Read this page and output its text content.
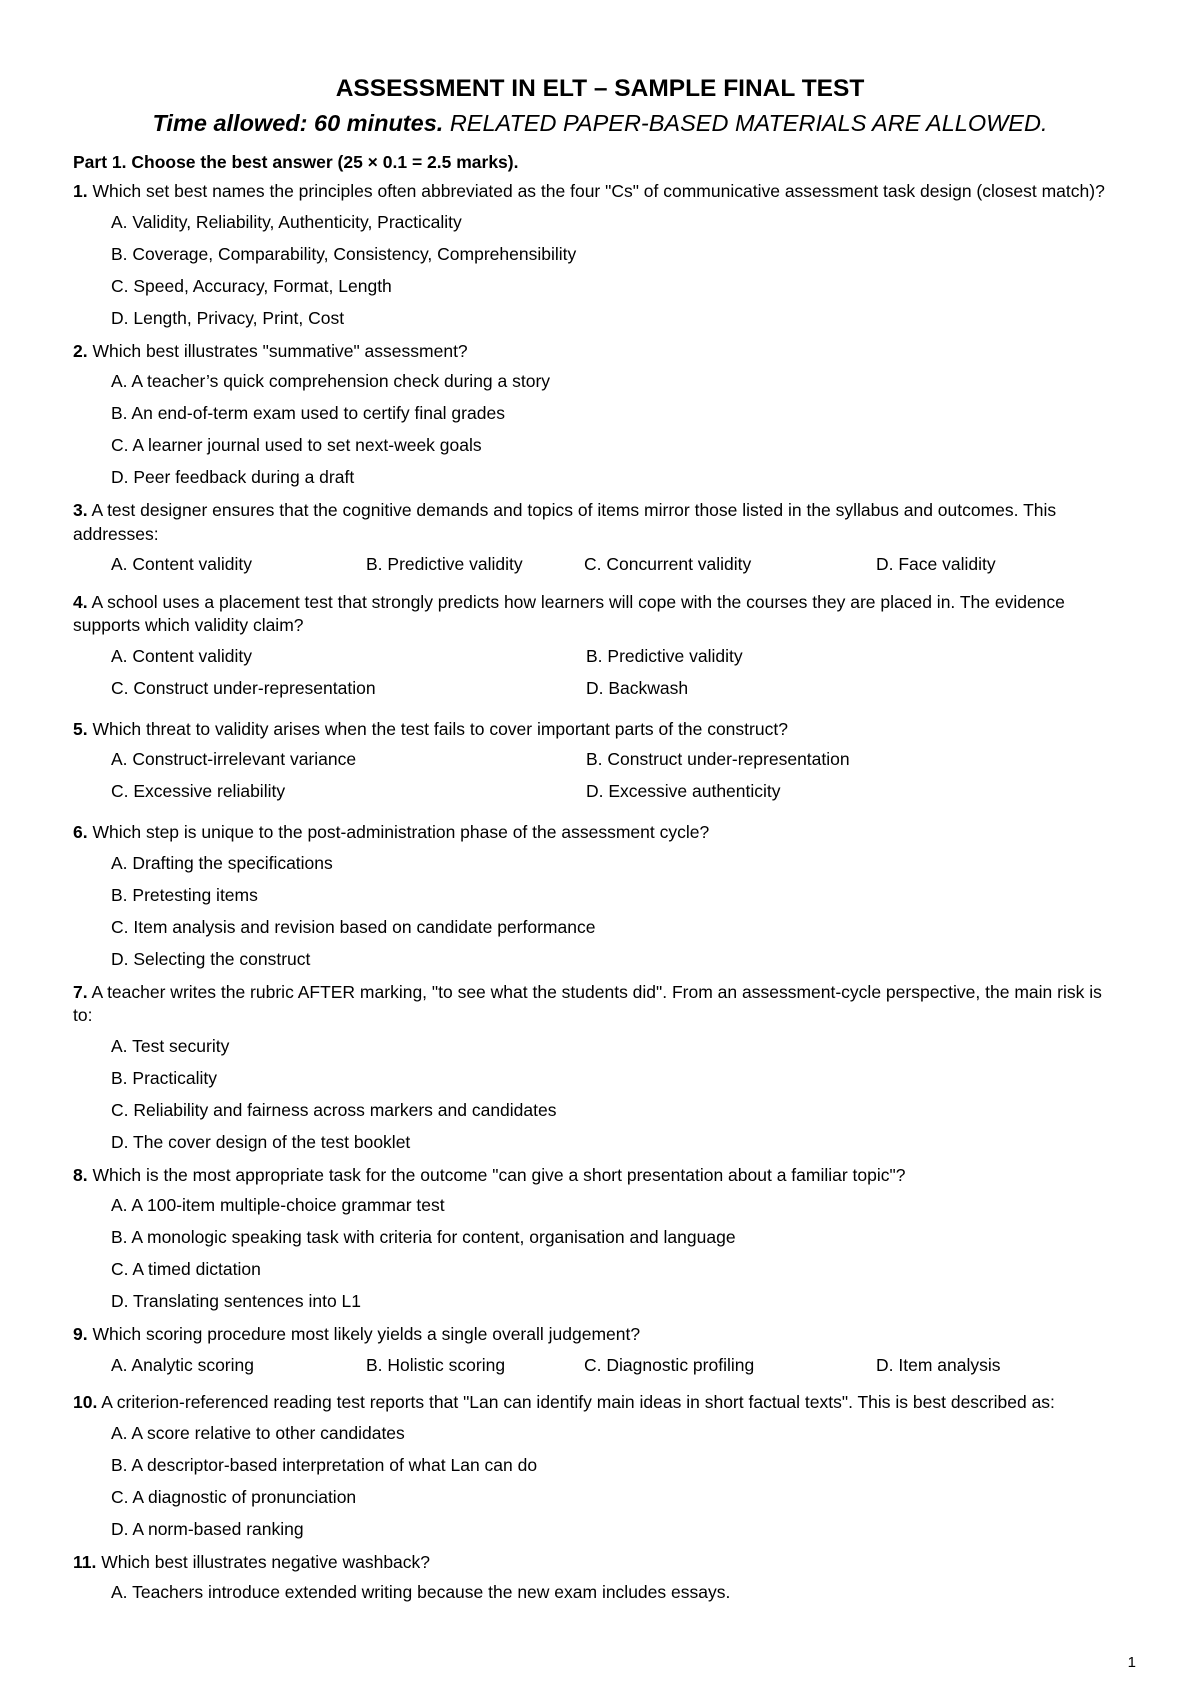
ASSESSMENT IN ELT – SAMPLE FINAL TEST

Time allowed: 60 minutes. RELATED PAPER-BASED MATERIALS ARE ALLOWED.

Part 1. Choose the best answer (25 × 0.1 = 2.5 marks).

1. Which set best names the principles often abbreviated as the four "Cs" of communicative assessment task design (closest match)?

A. Validity, Reliability, Authenticity, Practicality
B. Coverage, Comparability, Consistency, Comprehensibility
C. Speed, Accuracy, Format, Length
D. Length, Privacy, Print, Cost

2. Which best illustrates "summative" assessment?

A. A teacher’s quick comprehension check during a story
B. An end-of-term exam used to certify final grades
C. A learner journal used to set next-week goals
D. Peer feedback during a draft

3. A test designer ensures that the cognitive demands and topics of items mirror those listed in the syllabus and outcomes. This addresses:

A. Content validity	B. Predictive validity	C. Concurrent validity	D. Face validity

4. A school uses a placement test that strongly predicts how learners will cope with the courses they are placed in. The evidence supports which validity claim?

A. Content validity	B. Predictive validity
C. Construct under-representation	D. Backwash

5. Which threat to validity arises when the test fails to cover important parts of the construct?

A. Construct-irrelevant variance	B. Construct under-representation
C. Excessive reliability	D. Excessive authenticity

6. Which step is unique to the post-administration phase of the assessment cycle?

A. Drafting the specifications
B. Pretesting items
C. Item analysis and revision based on candidate performance
D. Selecting the construct

7. A teacher writes the rubric AFTER marking, "to see what the students did". From an assessment-cycle perspective, the main risk is to:

A. Test security
B. Practicality
C. Reliability and fairness across markers and candidates
D. The cover design of the test booklet

8. Which is the most appropriate task for the outcome "can give a short presentation about a familiar topic"?

A. A 100-item multiple-choice grammar test
B. A monologic speaking task with criteria for content, organisation and language
C. A timed dictation
D. Translating sentences into L1

9. Which scoring procedure most likely yields a single overall judgement?

A. Analytic scoring	B. Holistic scoring	C. Diagnostic profiling	D. Item analysis

10. A criterion-referenced reading test reports that "Lan can identify main ideas in short factual texts". This is best described as:

A. A score relative to other candidates
B. A descriptor-based interpretation of what Lan can do
C. A diagnostic of pronunciation
D. A norm-based ranking

11. Which best illustrates negative washback?

A. Teachers introduce extended writing because the new exam includes essays.
1
